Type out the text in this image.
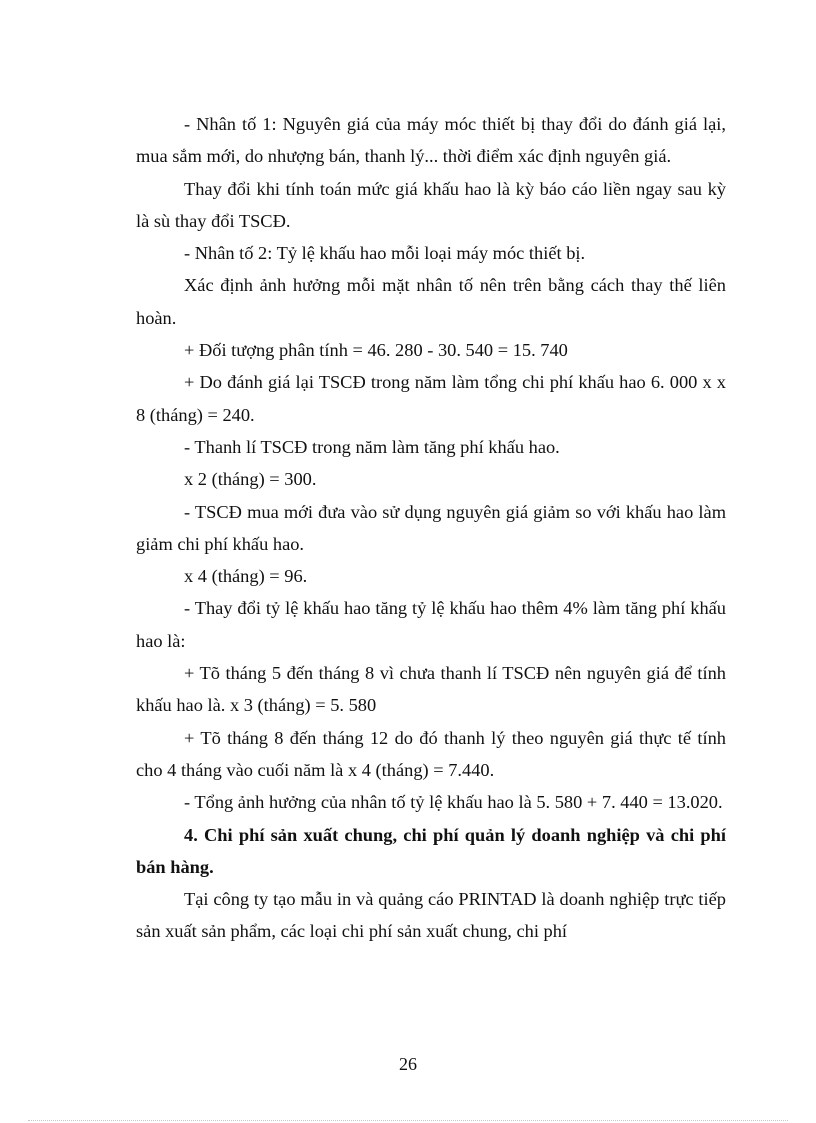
- Nhân tố 1: Nguyên giá của máy móc thiết bị thay đổi do đánh giá lại, mua sắm mới, do nhượng bán, thanh lý... thời điểm xác định nguyên giá.

Thay đổi khi tính toán mức giá khấu hao là kỳ báo cáo liền ngay sau kỳ là sù thay đổi TSCĐ.

- Nhân tố 2: Tỷ lệ khấu hao mỗi loại máy móc thiết bị.

Xác định ảnh hưởng mỗi mặt nhân tố nên trên bằng cách thay thế liên hoàn.

+ Đối tượng phân tính = 46. 280 - 30. 540 = 15. 740

+ Do đánh giá lại TSCĐ trong năm làm tổng chi phí khấu hao 6. 000 x x 8 (tháng) = 240.

- Thanh lí TSCĐ trong năm làm tăng phí khấu hao.

x 2 (tháng) = 300.

- TSCĐ mua mới đưa vào sử dụng nguyên giá giảm so với khấu hao làm giảm chi phí khấu hao.

x 4 (tháng) = 96.

- Thay đổi tỷ lệ khấu hao tăng tỷ lệ khấu hao thêm 4% làm tăng phí khấu hao là:

+ Tõ tháng 5 đến tháng 8 vì chưa thanh lí TSCĐ nên nguyên giá để tính khấu hao là. x 3 (tháng) = 5. 580

+ Tõ tháng 8 đến tháng 12 do đó thanh lý theo nguyên giá thực tế tính cho 4 tháng vào cuối năm là x 4 (tháng) = 7.440.

- Tổng ảnh hưởng của nhân tố tỷ lệ khấu hao là 5. 580 + 7. 440 = 13.020.

4. Chi phí sản xuất chung, chi phí quản lý doanh nghiệp và chi phí bán hàng.

Tại công ty tạo mẫu in và quảng cáo PRINTAD là doanh nghiệp trực tiếp sản xuất sản phẩm, các loại chi phí sản xuất chung, chi phí

26
